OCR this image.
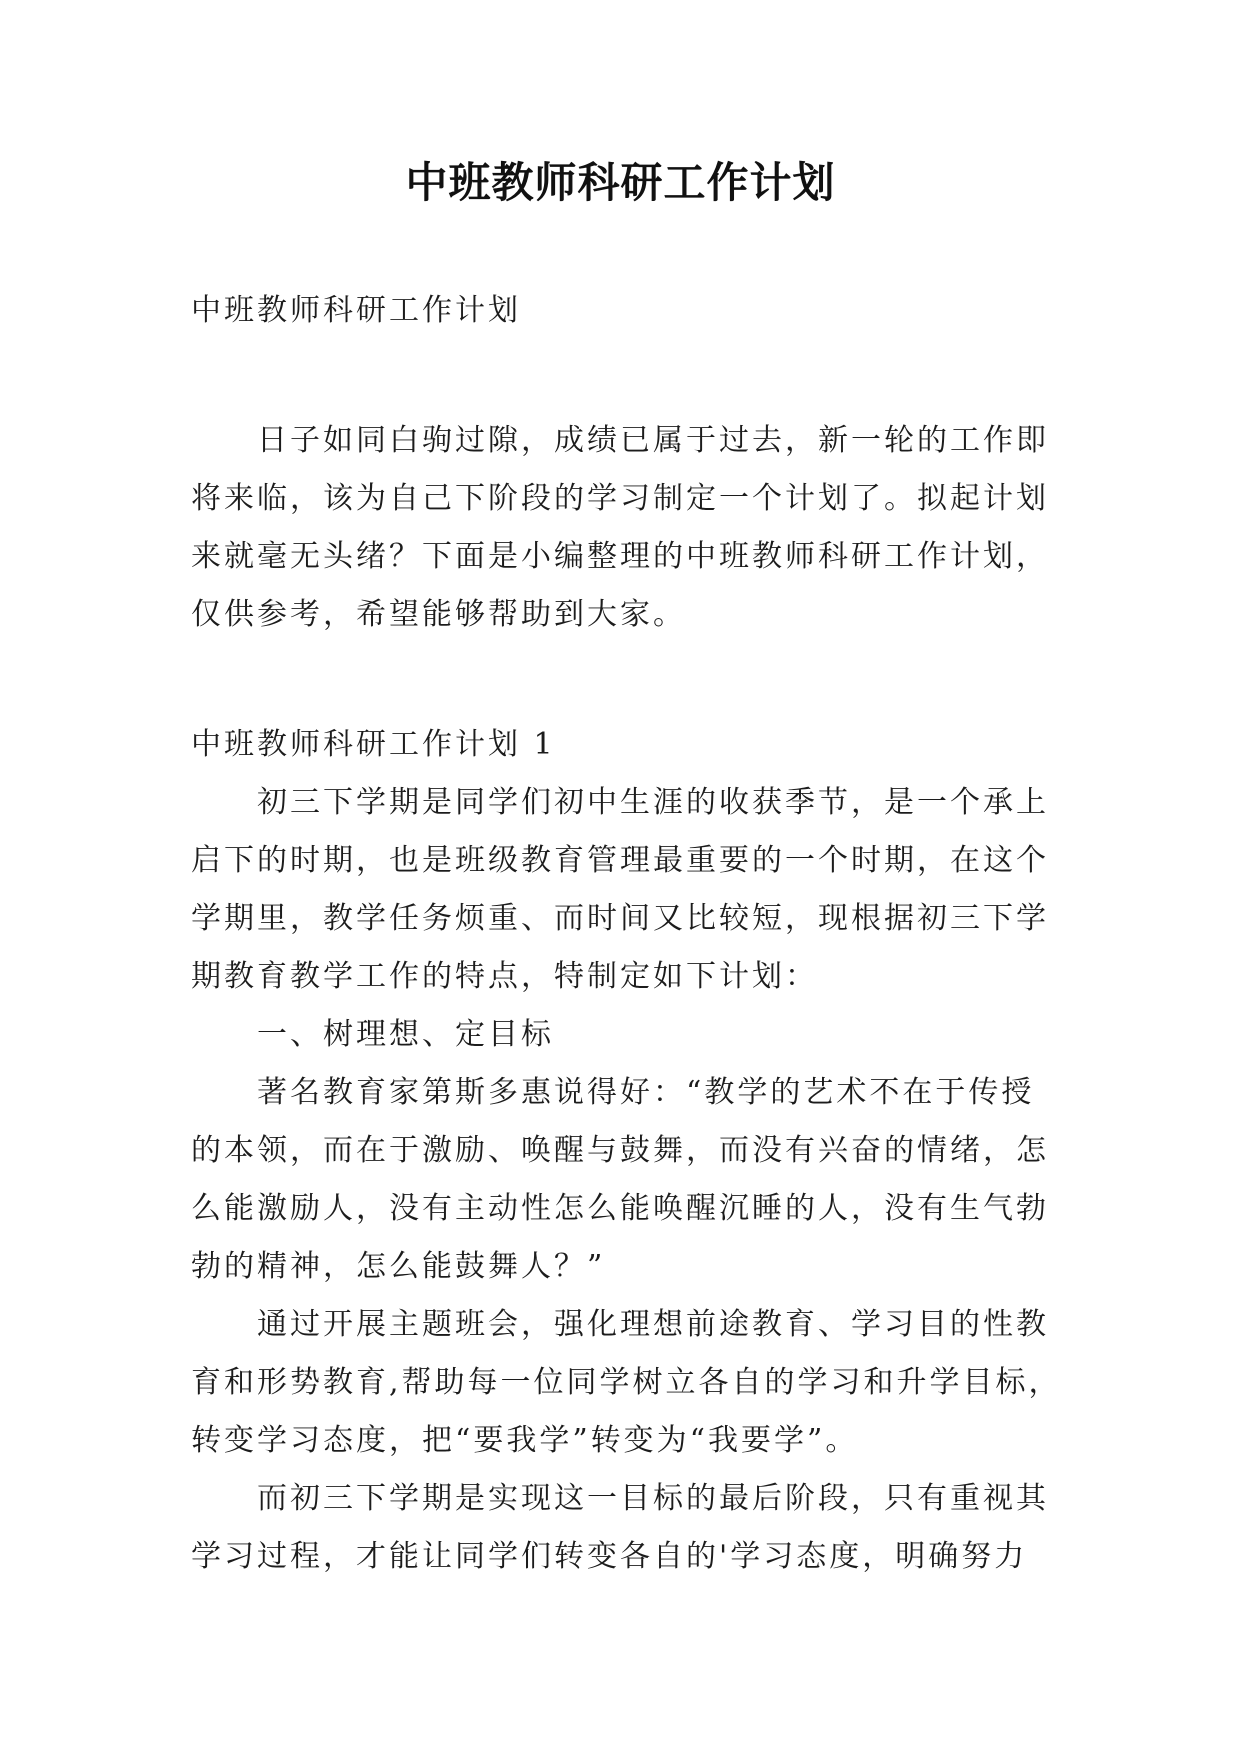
中班教师科研工作计划
中班教师科研工作计划
日子如同白驹过隙，成绩已属于过去，新一轮的工作即
将来临，该为自己下阶段的学习制定一个计划了。拟起计划
来就毫无头绪？下面是小编整理的中班教师科研工作计划，
仅供参考，希望能够帮助到大家。
中班教师科研工作计划 1
初三下学期是同学们初中生涯的收获季节，是一个承上
启下的时期，也是班级教育管理最重要的一个时期，在这个
学期里，教学任务烦重、而时间又比较短，现根据初三下学
期教育教学工作的特点，特制定如下计划：
一、树理想、定目标
著名教育家第斯多惠说得好：“教学的艺术不在于传授
的本领，而在于激励、唤醒与鼓舞，而没有兴奋的情绪，怎
么能激励人，没有主动性怎么能唤醒沉睡的人，没有生气勃
勃的精神，怎么能鼓舞人？”
通过开展主题班会，强化理想前途教育、学习目的性教
育和形势教育,帮助每一位同学树立各自的学习和升学目标，
转变学习态度，把“要我学”转变为“我要学”。
而初三下学期是实现这一目标的最后阶段，只有重视其
学习过程，才能让同学们转变各自的'学习态度，明确努力
